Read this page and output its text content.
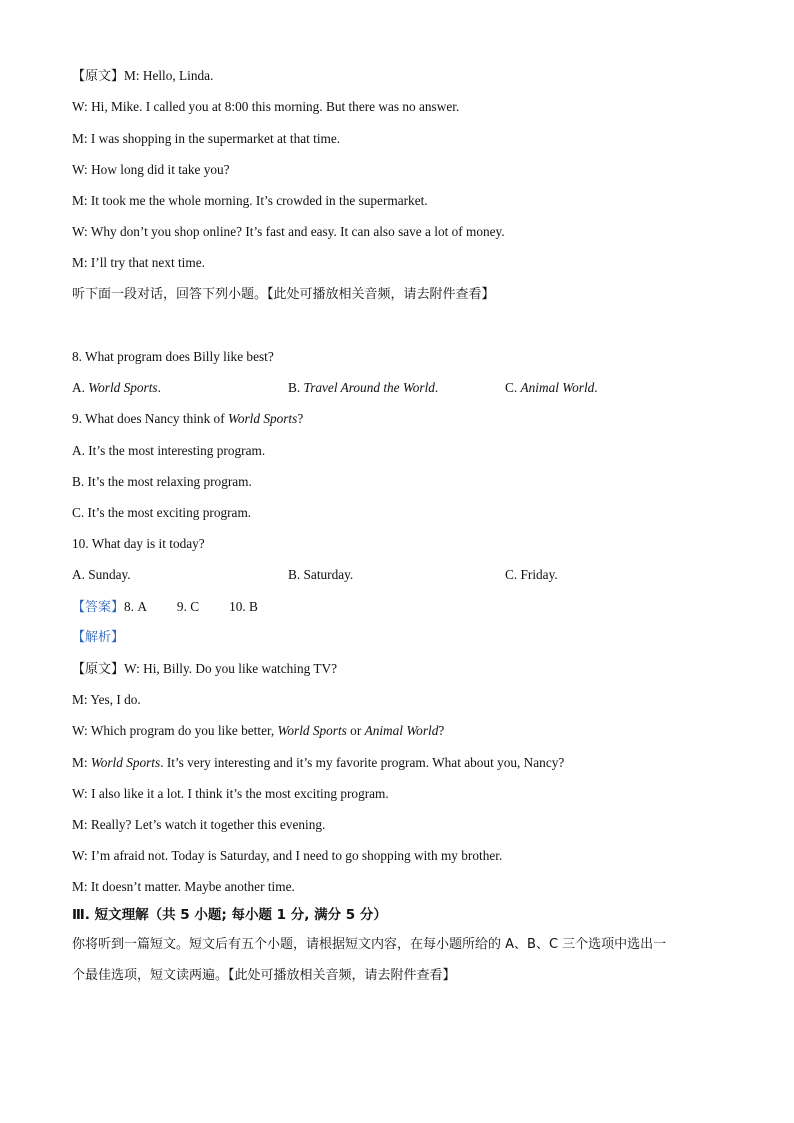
【原文】M: Hello, Linda.
W: Hi, Mike. I called you at 8:00 this morning. But there was no answer.
M: I was shopping in the supermarket at that time.
W: How long did it take you?
M: It took me the whole morning. It’s crowded in the supermarket.
W: Why don’t you shop online? It’s fast and easy. It can also save a lot of money.
M: I’ll try that next time.
听下面一段对话，回答下列小题。【此处可播放相关音频，请去附件查看】
8. What program does Billy like best?
A. World Sports.	B. Travel Around the World.	C. Animal World.
9. What does Nancy think of World Sports?
A. It’s the most interesting program.
B. It’s the most relaxing program.
C. It’s the most exciting program.
10. What day is it today?
A. Sunday.	B. Saturday.	C. Friday.
【答案】8. A 9. C 10. B
【解析】
【原文】W: Hi, Billy. Do you like watching TV?
M: Yes, I do.
W: Which program do you like better, World Sports or Animal World?
M: World Sports. It’s very interesting and it’s my favorite program. What about you, Nancy?
W: I also like it a lot. I think it’s the most exciting program.
M: Really? Let’s watch it together this evening.
W: I’m afraid not. Today is Saturday, and I need to go shopping with my brother.
M: It doesn’t matter. Maybe another time.
Ⅲ. 短文理解（共 5 小题; 每小题 1 分, 满分 5 分）
你将听到一篇短文。短文后有五个小题，请根据短文内容，在每小题所给的 A、B、C 三个选项中选出一
个最佳选项，短文读两遍。【此处可播放相关音频，请去附件查看】
